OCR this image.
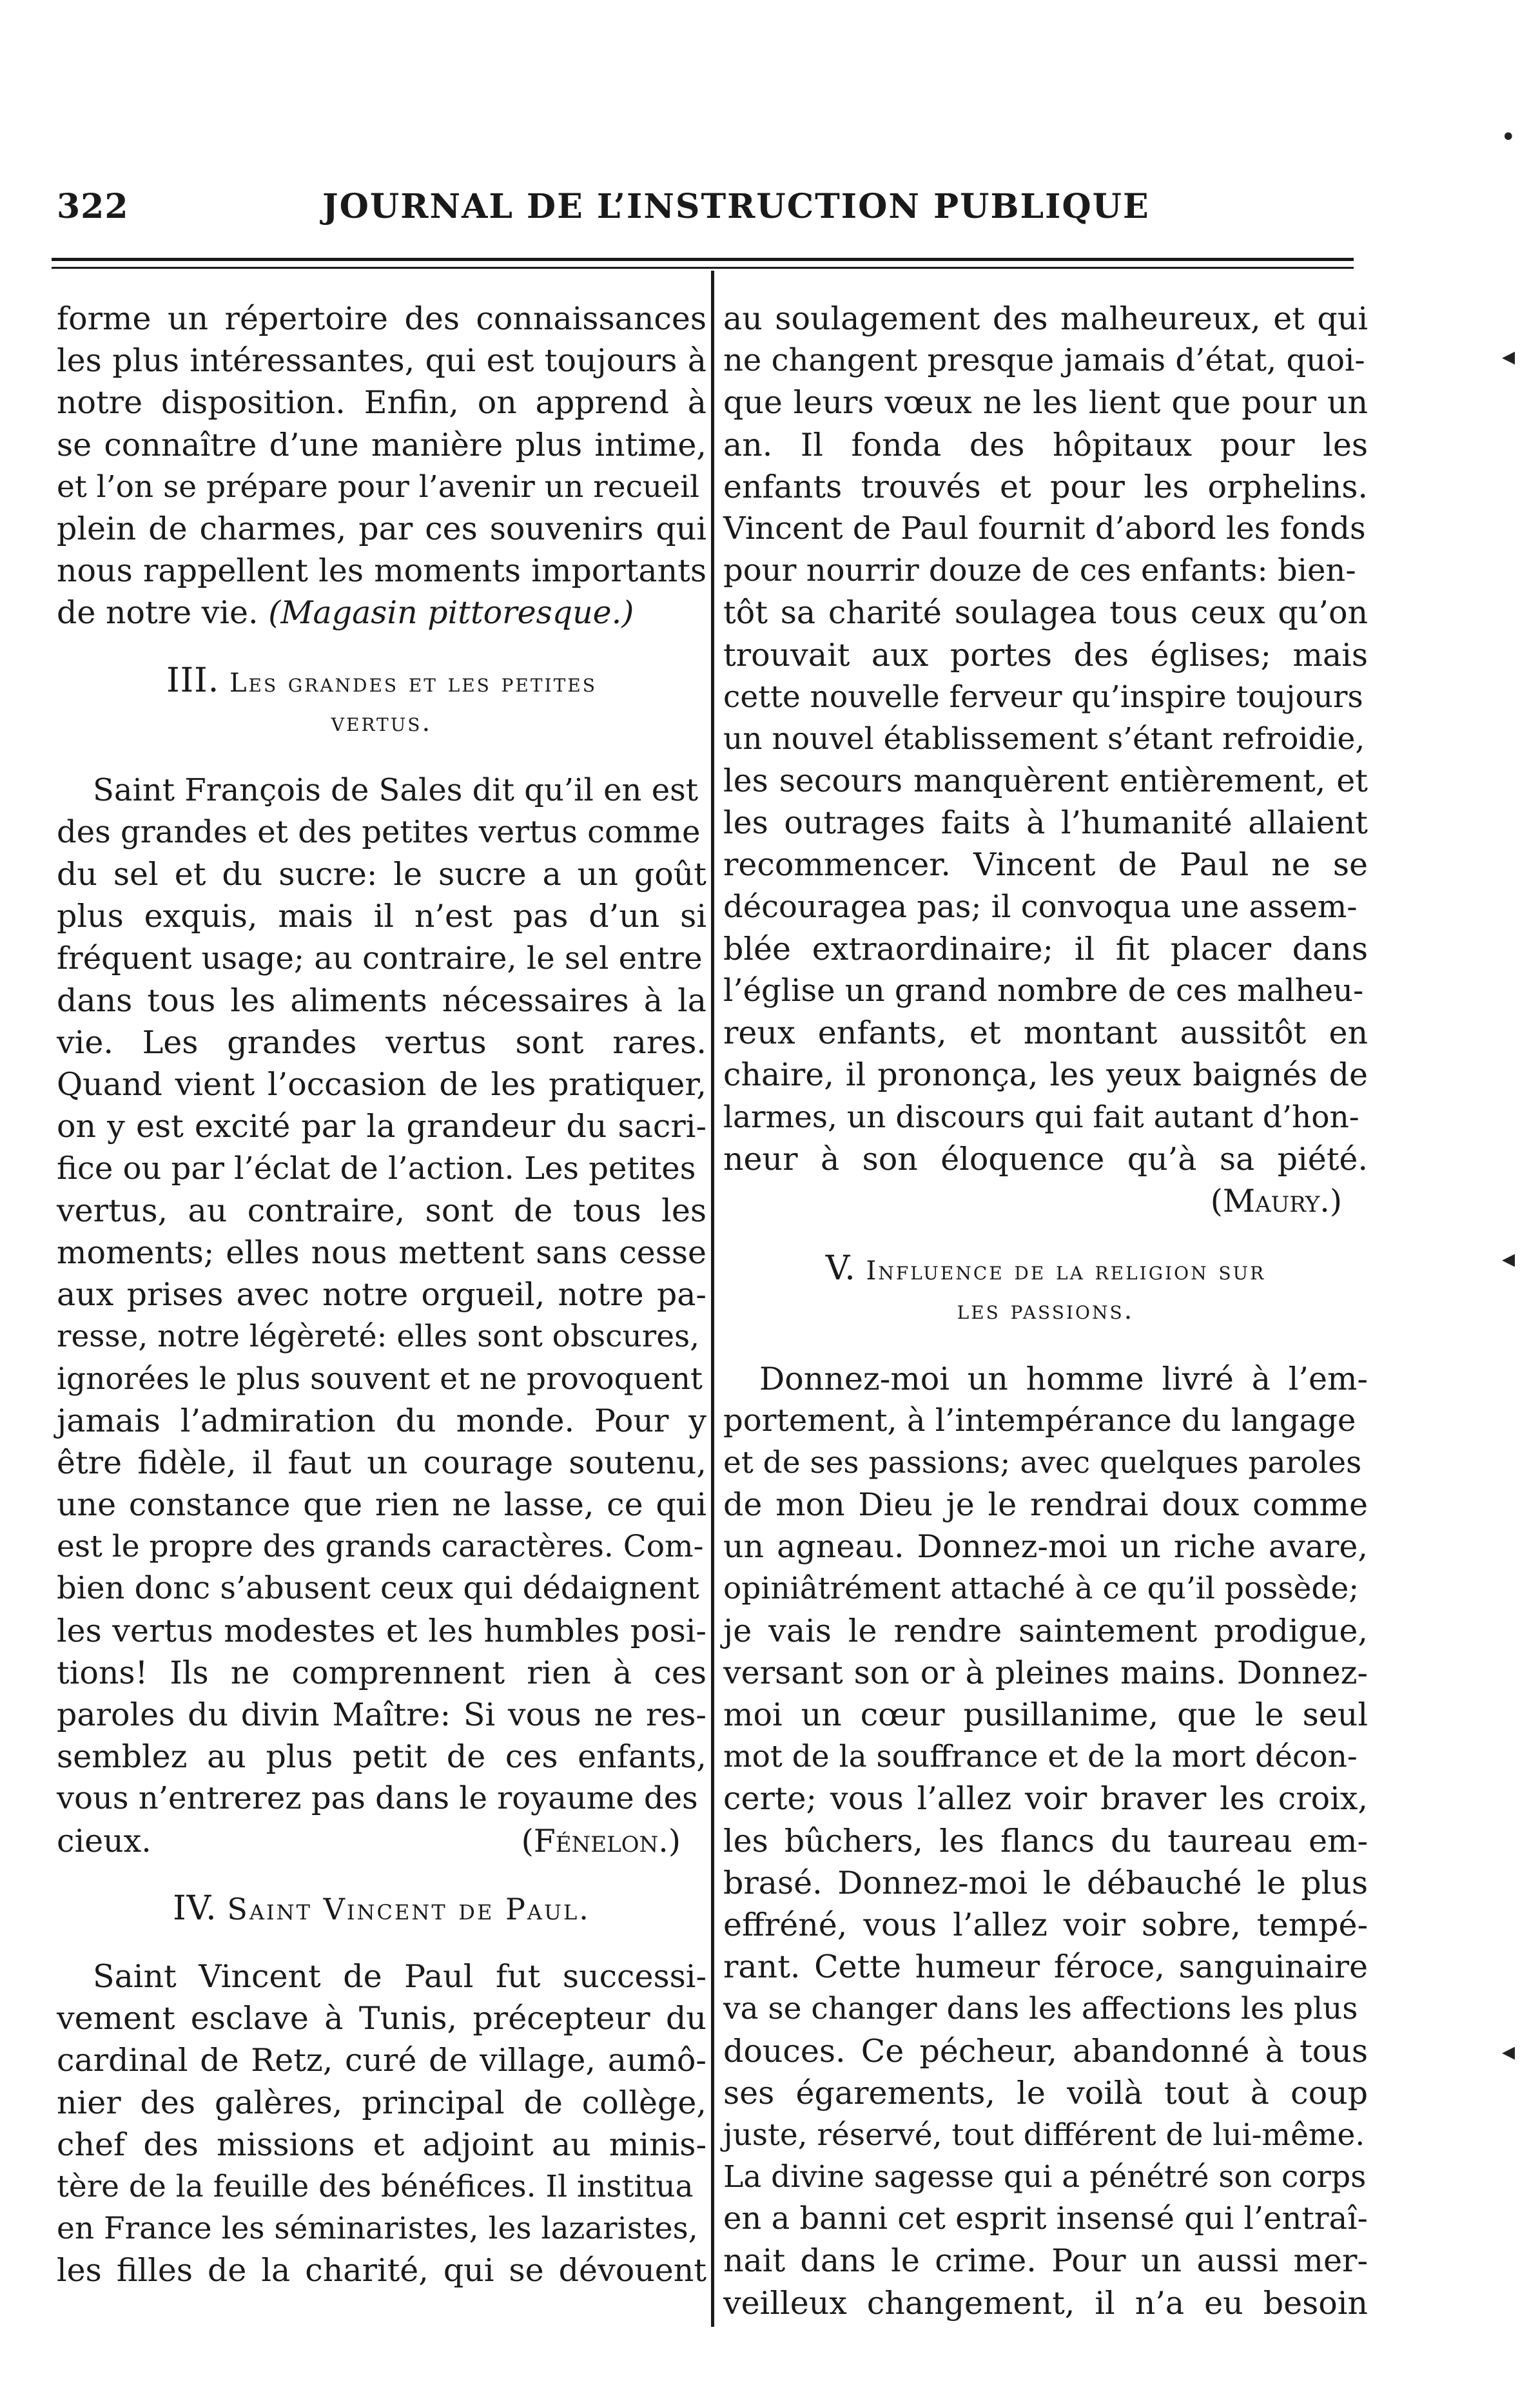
322	JOURNAL DE L’INSTRUCTION PUBLIQUE
forme un répertoire des connaissances
les plus intéressantes, qui est toujours à
notre disposition. Enfin, on apprend à
se connaître d’une manière plus intime,
et l’on se prépare pour l’avenir un recueil
plein de charmes, par ces souvenirs qui
nous rappellent les moments importants
de notre vie. (Magasin pittoresque.)
III. Les grandes et les petites
vertus.
Saint François de Sales dit qu’il en est
des grandes et des petites vertus comme
du sel et du sucre: le sucre a un goût
plus exquis, mais il n’est pas d’un si
fréquent usage; au contraire, le sel entre
dans tous les aliments nécessaires à la
vie. Les grandes vertus sont rares.
Quand vient l’occasion de les pratiquer,
on y est excité par la grandeur du sacri-
fice ou par l’éclat de l’action. Les petites
vertus, au contraire, sont de tous les
moments; elles nous mettent sans cesse
aux prises avec notre orgueil, notre pa-
resse, notre légèreté: elles sont obscures,
ignorées le plus souvent et ne provoquent
jamais l’admiration du monde. Pour y
être fidèle, il faut un courage soutenu,
une constance que rien ne lasse, ce qui
est le propre des grands caractères. Com-
bien donc s’abusent ceux qui dédaignent
les vertus modestes et les humbles posi-
tions! Ils ne comprennent rien à ces
paroles du divin Maître: Si vous ne res-
semblez au plus petit de ces enfants,
vous n’entrerez pas dans le royaume des
cieux.	(Fénelon.)
IV. Saint Vincent de Paul.
Saint Vincent de Paul fut successi-
vement esclave à Tunis, précepteur du
cardinal de Retz, curé de village, aumô-
nier des galères, principal de collège,
chef des missions et adjoint au minis-
tère de la feuille des bénéfices. Il institua
en France les séminaristes, les lazaristes,
les filles de la charité, qui se dévouent
au soulagement des malheureux, et qui
ne changent presque jamais d’état, quoi-
que leurs vœux ne les lient que pour un
an. Il fonda des hôpitaux pour les
enfants trouvés et pour les orphelins.
Vincent de Paul fournit d’abord les fonds
pour nourrir douze de ces enfants: bien-
tôt sa charité soulagea tous ceux qu’on
trouvait aux portes des églises; mais
cette nouvelle ferveur qu’inspire toujours
un nouvel établissement s’étant refroidie,
les secours manquèrent entièrement, et
les outrages faits à l’humanité allaient
recommencer. Vincent de Paul ne se
découragea pas; il convoqua une assem-
blée extraordinaire; il fit placer dans
l’église un grand nombre de ces malheu-
reux enfants, et montant aussitôt en
chaire, il prononça, les yeux baignés de
larmes, un discours qui fait autant d’hon-
neur à son éloquence qu’à sa piété.
(Maury.)
V. Influence de la religion sur
les passions.
Donnez-moi un homme livré à l’em-
portement, à l’intempérance du langage
et de ses passions; avec quelques paroles
de mon Dieu je le rendrai doux comme
un agneau. Donnez-moi un riche avare,
opiniâtrément attaché à ce qu’il possède;
je vais le rendre saintement prodigue,
versant son or à pleines mains. Donnez-
moi un cœur pusillanime, que le seul
mot de la souffrance et de la mort décon-
certe; vous l’allez voir braver les croix,
les bûchers, les flancs du taureau em-
brasé. Donnez-moi le débauché le plus
effréné, vous l’allez voir sobre, tempé-
rant. Cette humeur féroce, sanguinaire
va se changer dans les affections les plus
douces. Ce pécheur, abandonné à tous
ses égarements, le voilà tout à coup
juste, réservé, tout différent de lui-même.
La divine sagesse qui a pénétré son corps
en a banni cet esprit insensé qui l’entraî-
nait dans le crime. Pour un aussi mer-
veilleux changement, il n’a eu besoin
•
◂
◂
◂
